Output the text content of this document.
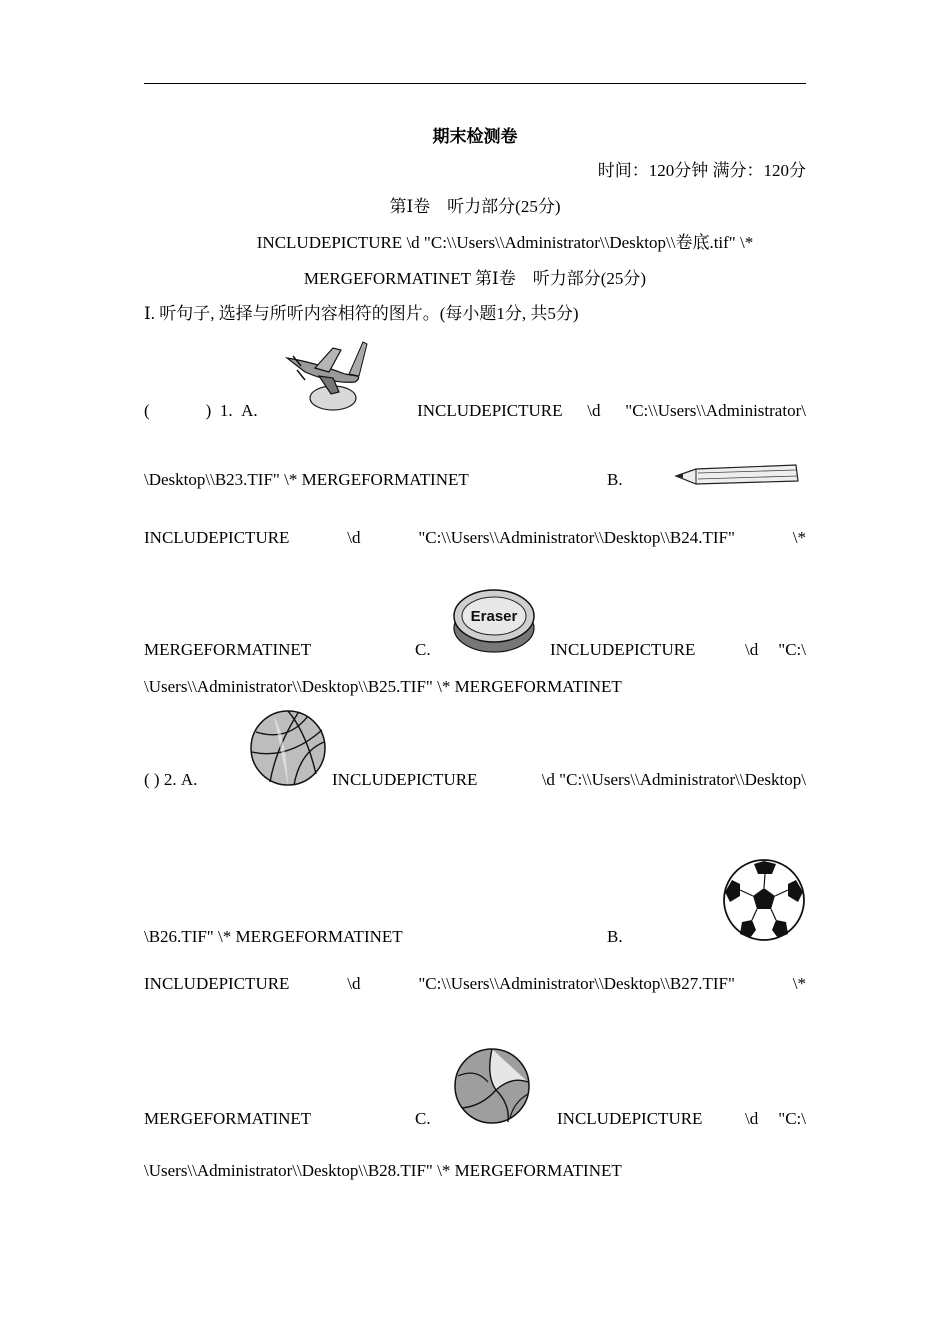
期末检测卷
时间：120分钟 满分：120分
第Ⅰ卷　听力部分(25分)
INCLUDEPICTURE \d "C:\\Users\\Administrator\\Desktop\\卷底.tif" \*
MERGEFORMATINET 第Ⅰ卷　听力部分(25分)
Ⅰ. 听句子, 选择与所听内容相符的图片。(每小题1分, 共5分)
(	) 1. A.	INCLUDEPICTURE \d "C:\\Users\\Administrator\
\Desktop\\B23.TIF" \* MERGEFORMATINET	B.
INCLUDEPICTURE	\d	"C:\\Users\\Administrator\\Desktop\\B24.TIF"	\*
MERGEFORMATINET	C.	INCLUDEPICTURE	\d "C:\
\Users\\Administrator\\Desktop\\B25.TIF" \* MERGEFORMATINET
( ) 2. A.	INCLUDEPICTURE	\d "C:\\Users\\Administrator\\Desktop\
\B26.TIF" \* MERGEFORMATINET	B.
INCLUDEPICTURE	\d	"C:\\Users\\Administrator\\Desktop\\B27.TIF"	\*
MERGEFORMATINET	C.	INCLUDEPICTURE	\d "C:\
\Users\\Administrator\\Desktop\\B28.TIF" \* MERGEFORMATINET
Eraser
